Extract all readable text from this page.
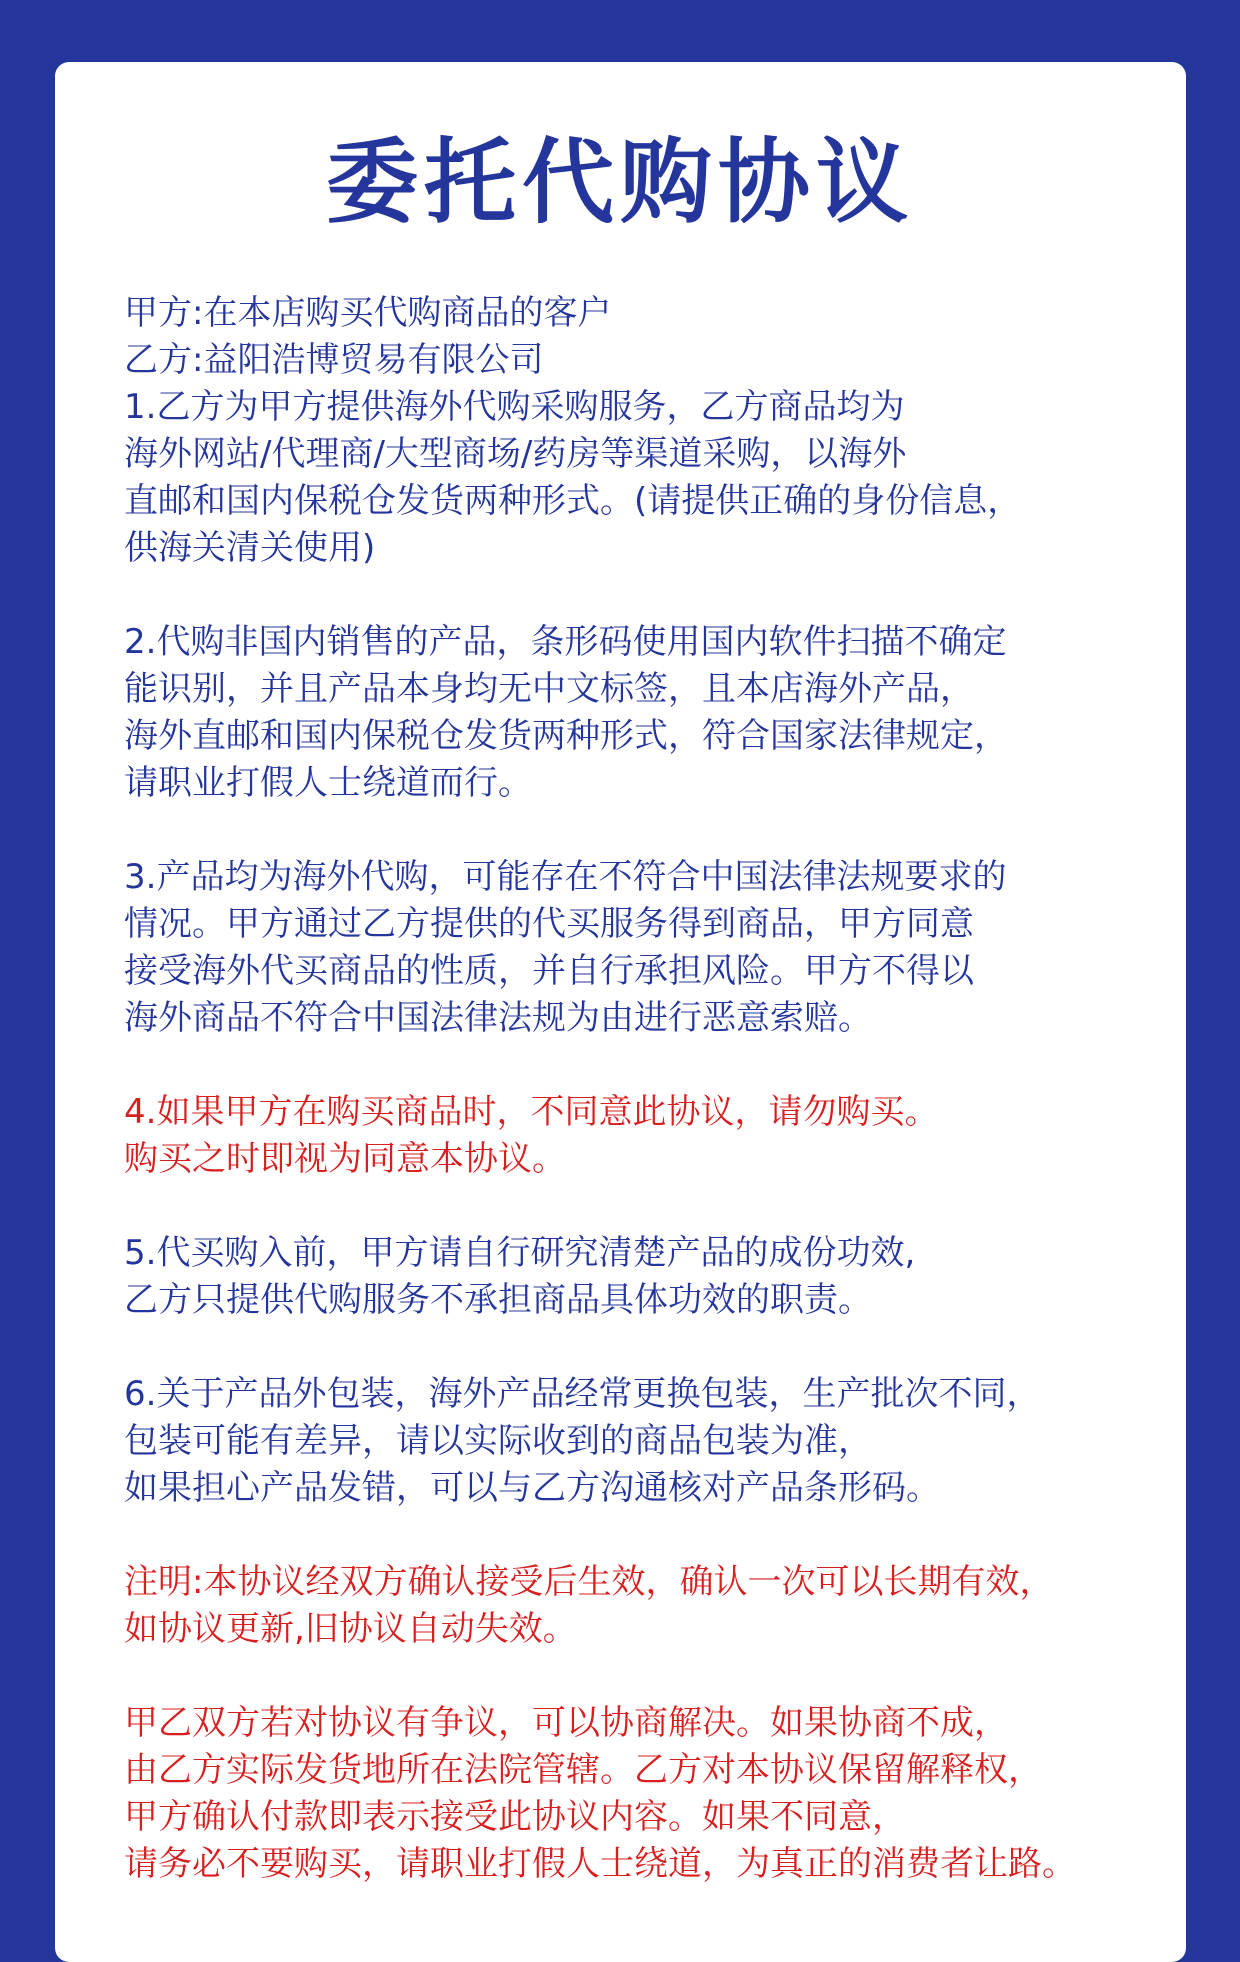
委托代购协议
甲方:在本店购买代购商品的客户
乙方:益阳浩博贸易有限公司
1.乙方为甲方提供海外代购采购服务，乙方商品均为
海外网站/代理商/大型商场/药房等渠道采购，以海外
直邮和国内保税仓发货两种形式。(请提供正确的身份信息，
供海关清关使用)
2.代购非国内销售的产品，条形码使用国内软件扫描不确定
能识别，并且产品本身均无中文标签，且本店海外产品，
海外直邮和国内保税仓发货两种形式，符合国家法律规定，
请职业打假人士绕道而行。
3.产品均为海外代购，可能存在不符合中国法律法规要求的
情况。甲方通过乙方提供的代买服务得到商品，甲方同意
接受海外代买商品的性质，并自行承担风险。甲方不得以
海外商品不符合中国法律法规为由进行恶意索赔。
4.如果甲方在购买商品时，不同意此协议，请勿购买。
购买之时即视为同意本协议。
5.代买购入前，甲方请自行研究清楚产品的成份功效,
乙方只提供代购服务不承担商品具体功效的职责。
6.关于产品外包装，海外产品经常更换包装，生产批次不同，
包装可能有差异，请以实际收到的商品包装为准，
如果担心产品发错，可以与乙方沟通核对产品条形码。
注明:本协议经双方确认接受后生效，确认一次可以长期有效，
如协议更新,旧协议自动失效。
甲乙双方若对协议有争议，可以协商解决。如果协商不成，
由乙方实际发货地所在法院管辖。乙方对本协议保留解释权，
甲方确认付款即表示接受此协议内容。如果不同意，
请务必不要购买，请职业打假人士绕道，为真正的消费者让路。
